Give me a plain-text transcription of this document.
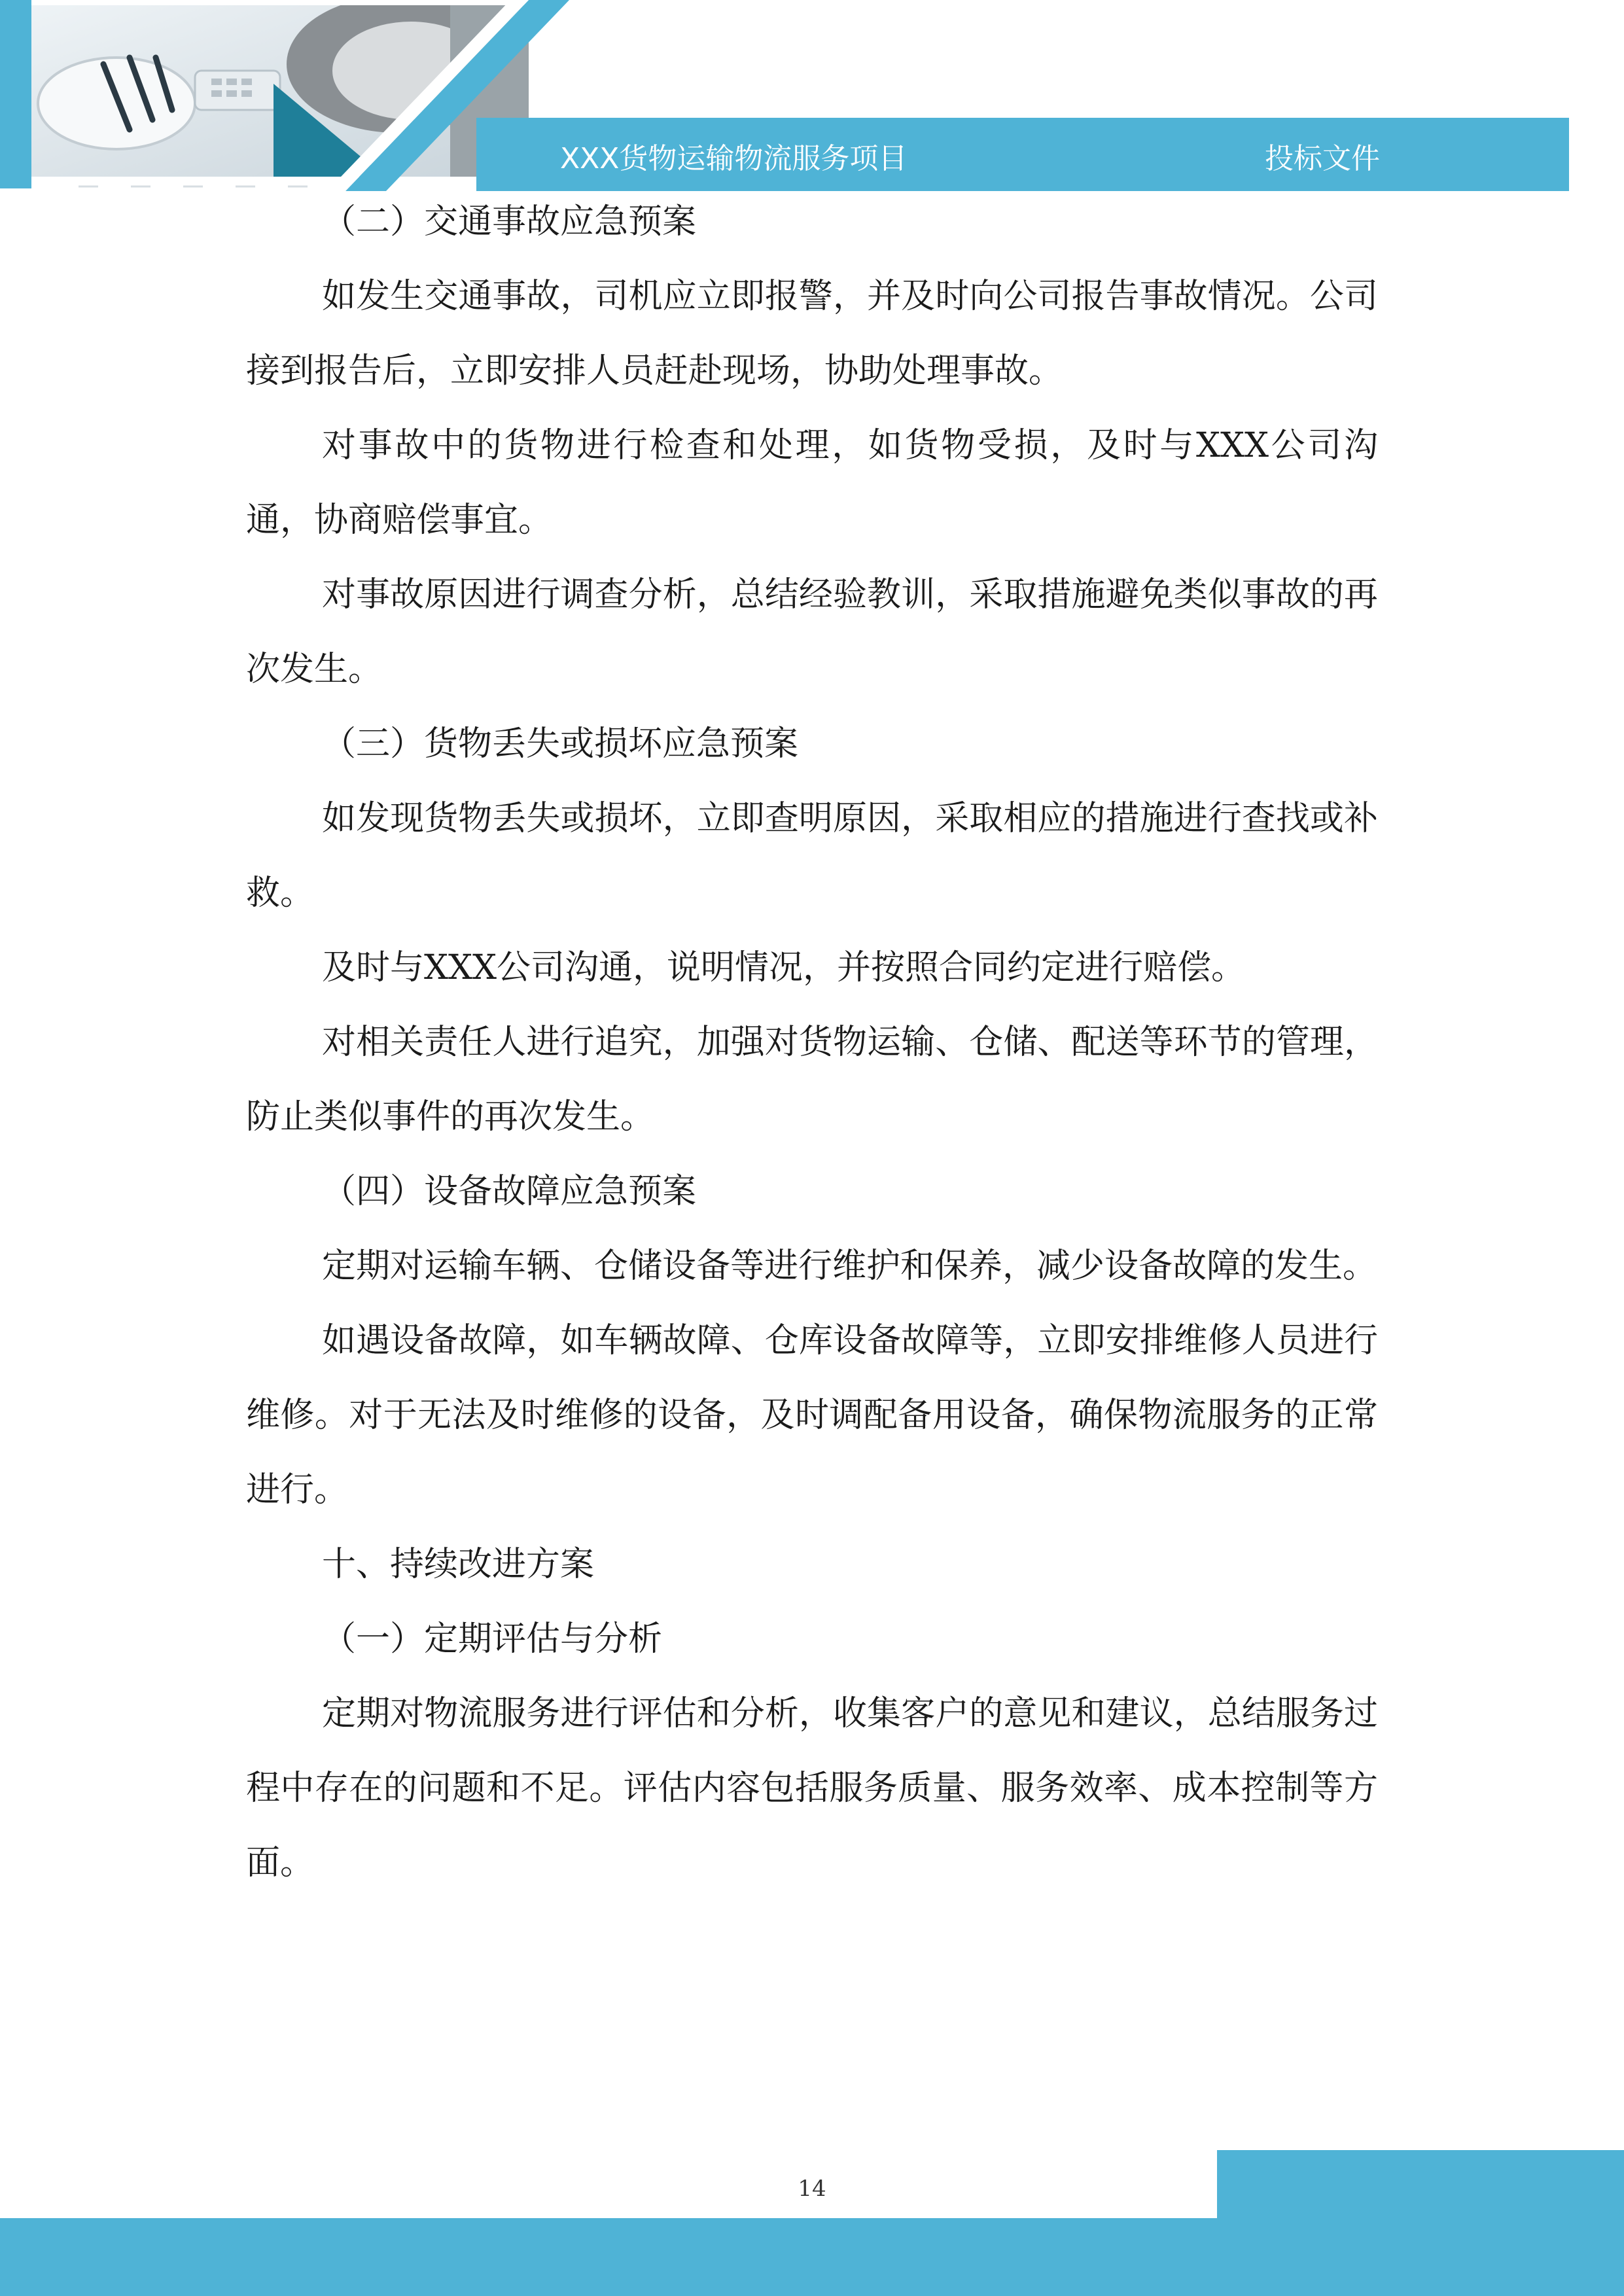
XXX货物运输物流服务项目	投标文件

（二）交通事故应急预案

如发生交通事故，司机应立即报警，并及时向公司报告事故情况。公司接到报告后，立即安排人员赶赴现场，协助处理事故。

对事故中的货物进行检查和处理，如货物受损，及时与XXX公司沟通，协商赔偿事宜。

对事故原因进行调查分析，总结经验教训，采取措施避免类似事故的再次发生。

（三）货物丢失或损坏应急预案

如发现货物丢失或损坏，立即查明原因，采取相应的措施进行查找或补救。

及时与XXX公司沟通，说明情况，并按照合同约定进行赔偿。

对相关责任人进行追究，加强对货物运输、仓储、配送等环节的管理，防止类似事件的再次发生。

（四）设备故障应急预案

定期对运输车辆、仓储设备等进行维护和保养，减少设备故障的发生。

如遇设备故障，如车辆故障、仓库设备故障等，立即安排维修人员进行维修。对于无法及时维修的设备，及时调配备用设备，确保物流服务的正常进行。

十、持续改进方案

（一）定期评估与分析

定期对物流服务进行评估和分析，收集客户的意见和建议，总结服务过程中存在的问题和不足。评估内容包括服务质量、服务效率、成本控制等方面。

14
